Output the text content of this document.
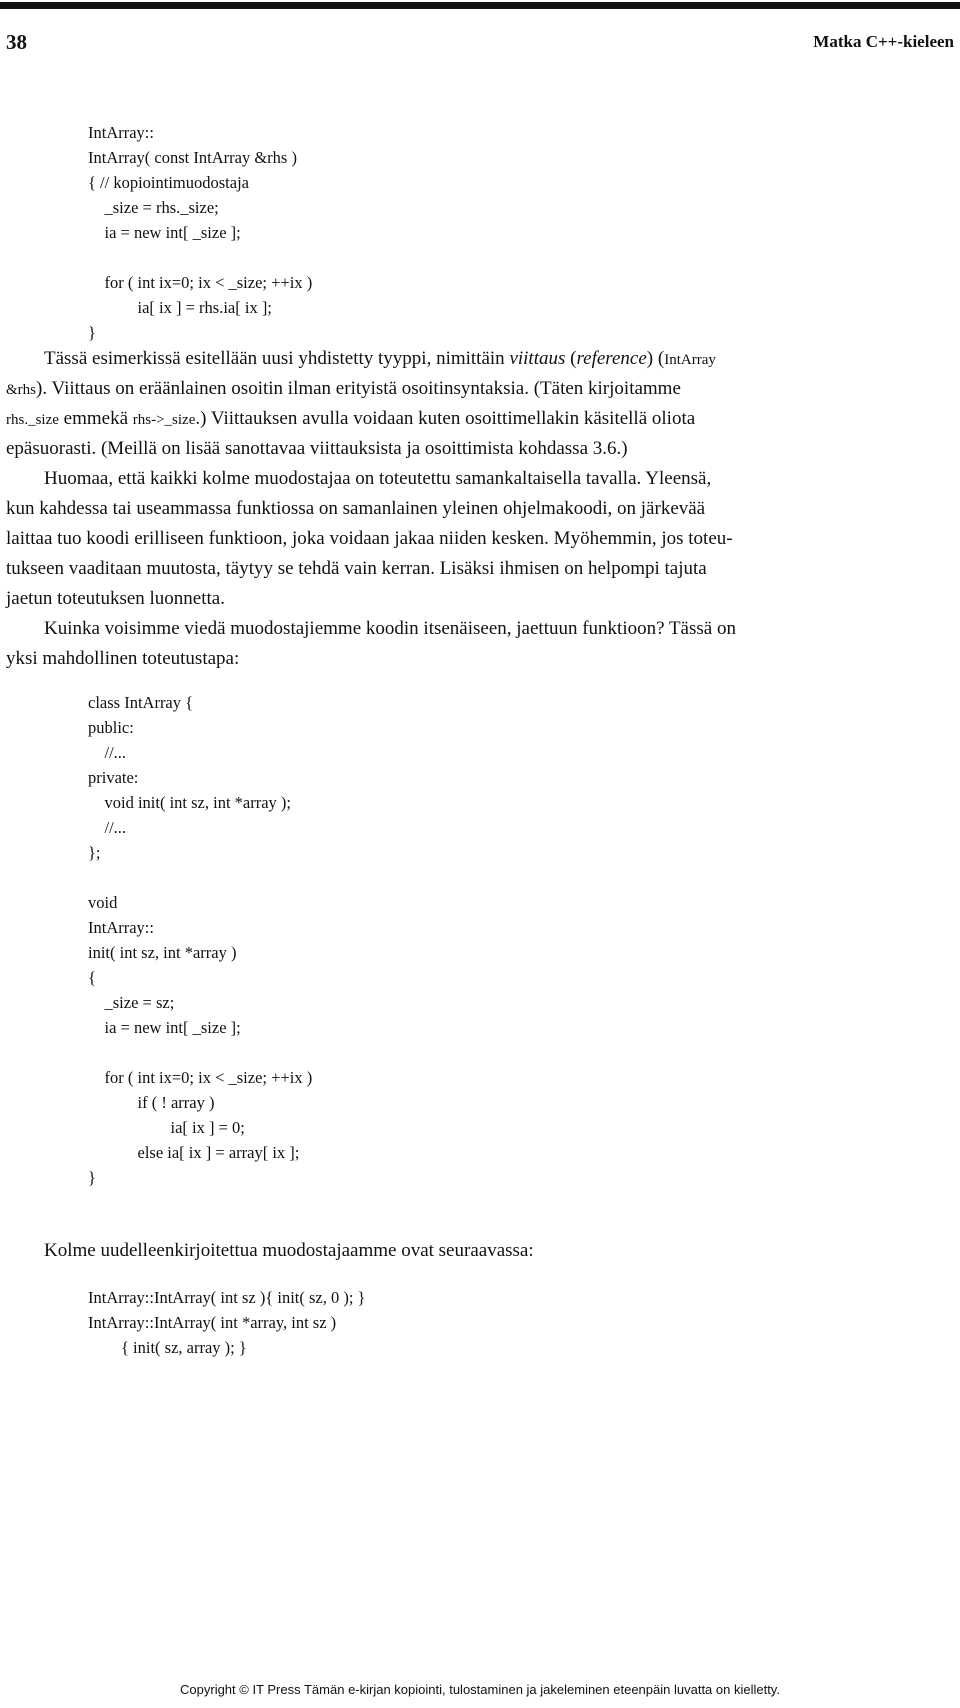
38	Matka C++-kieleen
IntArray::
IntArray( const IntArray &rhs )
{ // kopiointimuodostaja
_size = rhs._size;
ia = new int[ _size ];
for ( int ix=0; ix < _size; ++ix )
ia[ ix ] = rhs.ia[ ix ];
}
Tässä esimerkissä esitellään uusi yhdistetty tyyppi, nimittäin viittaus (reference) (IntArray
&rhs). Viittaus on eräänlainen osoitin ilman erityistä osoitinsyntaksia. (Täten kirjoitamme
rhs._size emmekä rhs->_size.) Viittauksen avulla voidaan kuten osoittimellakin käsitellä oliota
epäsuorasti. (Meillä on lisää sanottavaa viittauksista ja osoittimista kohdassa 3.6.)
Huomaa, että kaikki kolme muodostajaa on toteutettu samankaltaisella tavalla. Yleensä,
kun kahdessa tai useammassa funktiossa on samanlainen yleinen ohjelmakoodi, on järkevää
laittaa tuo koodi erilliseen funktioon, joka voidaan jakaa niiden kesken. Myöhemmin, jos toteu-
tukseen vaaditaan muutosta, täytyy se tehdä vain kerran. Lisäksi ihmisen on helpompi tajuta
jaetun toteutuksen luonnetta.
Kuinka voisimme viedä muodostajiemme koodin itsenäiseen, jaettuun funktioon? Tässä on
yksi mahdollinen toteutustapa:
class IntArray {
public:
//...
private:
void init( int sz, int *array );
//...
};
void
IntArray::
init( int sz, int *array )
{
_size = sz;
ia = new int[ _size ];
for ( int ix=0; ix < _size; ++ix )
if ( ! array )
ia[ ix ] = 0;
else ia[ ix ] = array[ ix ];
}
Kolme uudelleenkirjoitettua muodostajaamme ovat seuraavassa:
IntArray::IntArray( int sz ){ init( sz, 0 ); }
IntArray::IntArray( int *array, int sz )
{ init( sz, array ); }
Copyright © IT Press Tämän e-kirjan kopiointi, tulostaminen ja jakeleminen eteenpäin luvatta on kielletty.
